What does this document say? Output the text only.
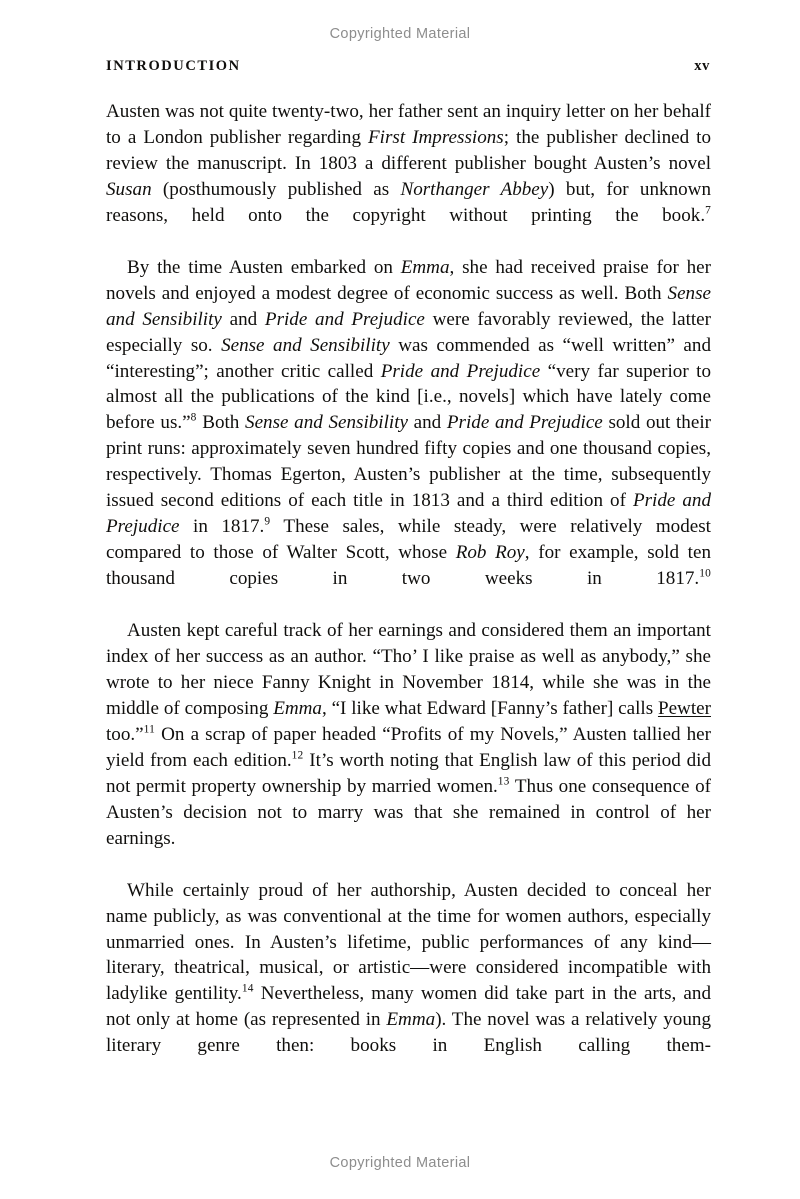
Copyrighted Material
INTRODUCTION	xv

Austen was not quite twenty-two, her father sent an inquiry letter on her behalf to a London publisher regarding First Impressions; the publisher declined to review the manuscript. In 1803 a different publisher bought Austen’s novel Susan (posthumously published as Northanger Abbey) but, for unknown reasons, held onto the copyright without printing the book.$^7$

By the time Austen embarked on Emma, she had received praise for her novels and enjoyed a modest degree of economic success as well. Both Sense and Sensibility and Pride and Prejudice were favorably reviewed, the latter especially so. Sense and Sensibility was commended as “well written” and “interesting”; another critic called Pride and Prejudice “very far superior to almost all the publications of the kind [i.e., novels] which have lately come before us.”$^8$ Both Sense and Sensibility and Pride and Prejudice sold out their print runs: approximately seven hundred fifty copies and one thousand copies, respectively. Thomas Egerton, Austen’s publisher at the time, subsequently issued second editions of each title in 1813 and a third edition of Pride and Prejudice in 1817.$^9$ These sales, while steady, were relatively modest compared to those of Walter Scott, whose Rob Roy, for example, sold ten thousand copies in two weeks in 1817.10

Austen kept careful track of her earnings and considered them an important index of her success as an author. “Tho’ I like praise as well as anybody,” she wrote to her niece Fanny Knight in November 1814, while she was in the middle of composing Emma, “I like what Edward [Fanny’s father] calls Pewter too.”$^{11}$ On a scrap of paper headed “Profits of my Novels,” Austen tallied her yield from each edition.$^{12}$ It’s worth noting that English law of this period did not permit property ownership by married women.$^{13}$ Thus one consequence of Austen’s decision not to marry was that she remained in control of her earnings.

While certainly proud of her authorship, Austen decided to conceal her name publicly, as was conventional at the time for women authors, especially unmarried ones. In Austen’s lifetime, public performances of any kind—literary, theatrical, musical, or artistic—were considered incompatible with ladylike gentility.$^{14}$ Nevertheless, many women did take part in the arts, and not only at home (as represented in Emma). The novel was a relatively young literary genre then: books in English calling them-

Copyrighted Material
